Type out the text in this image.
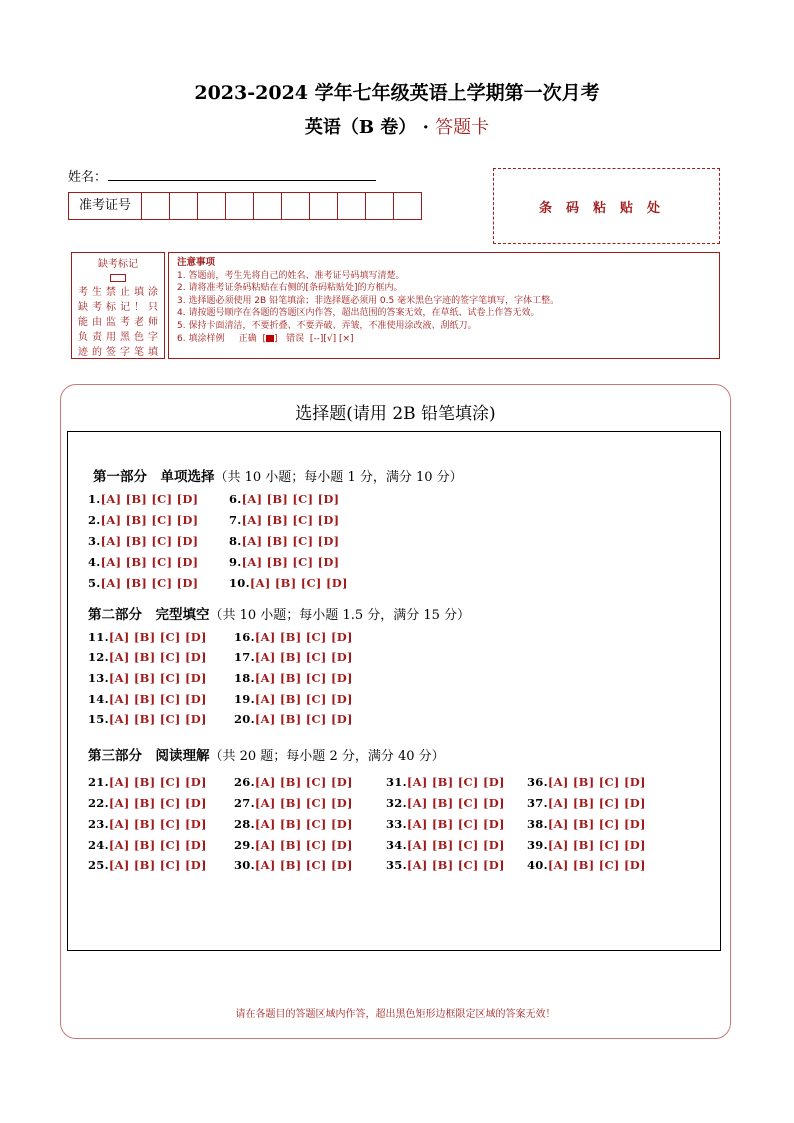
2023-2024 学年七年级英语上学期第一次月考
英语（B 卷） · 答题卡
姓名：
准考证号	条码粘贴处
缺考标记
考生禁止填涂
缺考标记！只
能由监考老师
负责用黑色字
迹的签字笔填
注意事项
1. 答题前，考生先将自己的姓名、准考证号码填写清楚。
2. 请将准考证条码粘贴在右侧的[条码粘贴处]的方框内。
3. 选择题必须使用 2B 铅笔填涂；非选择题必须用 0.5 毫米黑色字迹的签字笔填写，字体工整。
4. 请按题号顺序在各题的答题区内作答，超出范围的答案无效，在草纸、试卷上作答无效。
5. 保持卡面清洁，不要折叠、不要弄破、弄皱，不准使用涂改液、刮纸刀。
6. 填涂样例 正确  [ ]   错误 [--][√] [×]
选择题(请用 2B 铅笔填涂)
第一部分　单项选择（共 10 小题；每小题 1 分，满分 10 分）
第二部分　完型填空（共 10 小题；每小题 1.5 分，满分 15 分）
第三部分　阅读理解（共 20 题；每小题 2 分，满分 40 分）
1.[A] [B] [C] [D]
2.[A] [B] [C] [D]
3.[A] [B] [C] [D]
4.[A] [B] [C] [D]
5.[A] [B] [C] [D]
6.[A] [B] [C] [D]
7.[A] [B] [C] [D]
8.[A] [B] [C] [D]
9.[A] [B] [C] [D]
10.[A] [B] [C] [D]
11.[A] [B] [C] [D]
12.[A] [B] [C] [D]
13.[A] [B] [C] [D]
14.[A] [B] [C] [D]
15.[A] [B] [C] [D]
16.[A] [B] [C] [D]
17.[A] [B] [C] [D]
18.[A] [B] [C] [D]
19.[A] [B] [C] [D]
20.[A] [B] [C] [D]
21.[A] [B] [C] [D]
22.[A] [B] [C] [D]
23.[A] [B] [C] [D]
24.[A] [B] [C] [D]
25.[A] [B] [C] [D]
26.[A] [B] [C] [D]
27.[A] [B] [C] [D]
28.[A] [B] [C] [D]
29.[A] [B] [C] [D]
30.[A] [B] [C] [D]
31.[A] [B] [C] [D]
32.[A] [B] [C] [D]
33.[A] [B] [C] [D]
34.[A] [B] [C] [D]
35.[A] [B] [C] [D]
36.[A] [B] [C] [D]
37.[A] [B] [C] [D]
38.[A] [B] [C] [D]
39.[A] [B] [C] [D]
40.[A] [B] [C] [D]
请在各题目的答题区域内作答，超出黑色矩形边框限定区域的答案无效！
